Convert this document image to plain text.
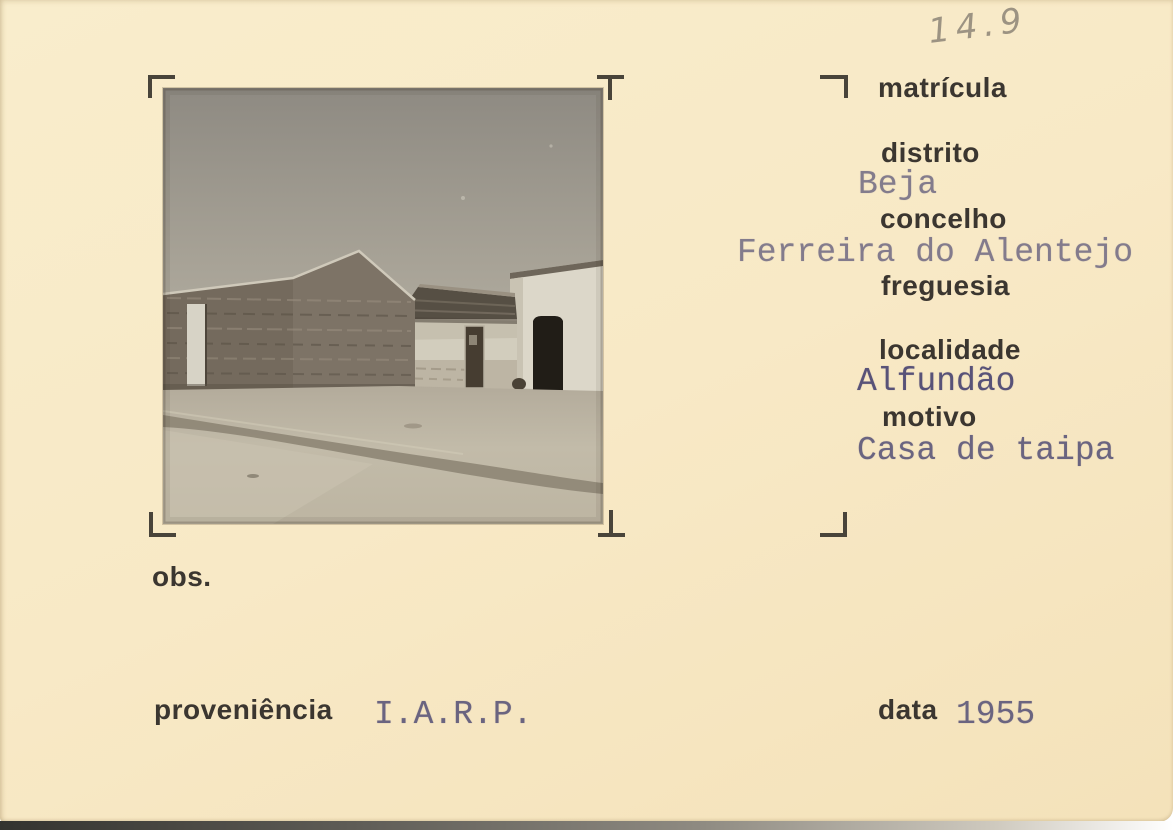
14.9
matrícula
distrito
Beja
concelho
Ferreira do Alentejo
freguesia
localidade
Alfundão
motivo
Casa de taipa
obs.
proveniência I.A.R.P.	data 1955
